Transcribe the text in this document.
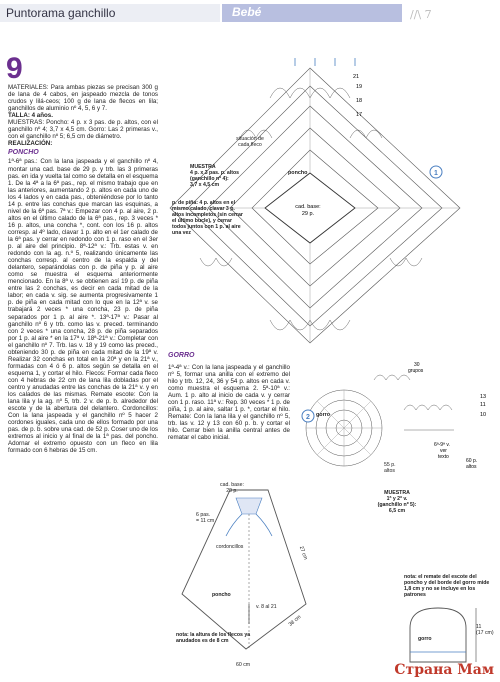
Puntorama ganchillo	Bebé	//\ 7
9

MATERIALES: Para ambas piezas se precisan 300 g de lana de 4 cabos, en jaspeado mezcla de tonos crudos y lilá-ceos; 100 g de lana de flecos en lila; ganchillos de aluminio nº 4, 5, 6 y 7.

TALLA: 4 años.

MUESTRAS: Poncho: 4 p. x 3 pas. de p. altos, con el ganchillo nº 4; 3,7 x 4,5 cm. Gorro: Las 2 primeras v., con el ganchillo nº 5; 6,5 cm de diámetro.

REALIZACIÓN:

PONCHO

1ª-6ª pas.: Con la lana jaspeada y el ganchillo nº 4, montar una cad. base de 29 p. y trb. las 3 primeras pas. en ida y vuelta tal como se detalla en el esquema 1. De la 4ª a la 6ª pas., rep. el mismo trabajo que en las anteriores, aumentando 2 p. altos en cada uno de los 4 lados y en cada pas., obteniéndose por lo tanto 14 p. entre las conchas que marcan las esquinas, a nivel de la 6ª pas. 7ª v.: Empezar con 4 p. al aire, 2 p. altos en el último calado de la 6ª pas., rep. 3 veces * 16 p. altos, una concha *, cont. con los 16 p. altos corresp. al 4º lado, clavar 1 p. alto en el 1er calado de la 6ª pas. y cerrar en redondo con 1 p. raso en el 3er p. al aire del principio. 8ª-12ª v.: Trb. estas v. en redondo con la ag. n.º 5, realizando únicamente las conchas corresp. al centro de la espalda y del delantero, separándolas con p. de piña y p. al aire como se muestra el esquema anteriormente mencionado. En la 8ª v. se obtienen así 19 p. de piña entre las 2 conchas, es decir en cada mitad de la labor; en cada v. sig. se aumenta progresivamente 1 p. de piña en cada mitad con lo que en la 12ª v. se trabajará 2 veces * una concha, 23 p. de piña separados por 1 p. al aire *. 13ª-17ª v.: Pasar al ganchillo nº 6 y trb. como las v. preced. terminando con 2 veces * una concha, 28 p. de piña separados por 1 p. al aire * en la 17ª v. 18ª-21ª v.: Completar con el ganchillo nº 7. Trb. las v. 18 y 19 como las preced., obteniendo 30 p. de piña en cada mitad de la 19ª v. Realizar 32 conchas en total en la 20ª y en la 21ª v., formadas con 4 ó 6 p. altos según se detalla en el esquema 1, y cortar el hilo. Flecos: Formar cada fleco con 4 hebras de 22 cm de lana lila dobladas por el centro y anudadas entre las conchas de la 21ª v. y en los calados de las mismas. Remate escote: Con la lana lila y la ag. nº 5, trb. 2 v. de p. b. alrededor del escote y de la abertura del delantero. Cordoncillos: Con la lana jaspeada y el ganchillo nº 5 hacer 2 cordones iguales, cada uno de ellos formado por una pas. de p. b. sobre una cad. de 52 p. Coser uno de los extremos al inicio y al final de la 1ª pas. del poncho. Adornar el extremo opuesto con un fleco en lila formado con 6 hebras de 15 cm.

cad. base:
29 p.
21
19
18
17
1
poncho
situación de
cada fleco
MUESTRA
4 p. x 3 pas. p. altos
(ganchillo nº 4):
3,7 x 4,5 cm
p. de piña: 4 p. altos en el mismo calado, clavar 3 p. altos incompletos (sin cerrar el último bucle), y cerrar todos juntos con 1 p. al aire una vez
GORRO
1ª-4ª v.: Con la lana jaspeada y el ganchillo nº 5, formar una anilla con el extremo del hilo y trb. 12, 24, 36 y 54 p. altos en cada v. como muestra el esquema 2. 5ª-10ª v.: Aum. 1 p. alto al inicio de cada v. y cerrar con 1 p. raso. 11ª v.: Rep. 30 veces * 1 p. de piña, 1 p. al aire, saltar 1 p. *, cortar el hilo. Remate: Con la lana lila y el ganchillo nº 5, trb. las v. 12 y 13 con 60 p. b. y cortar el hilo. Cerrar bien la anilla central antes de rematar el cabo inicial.
2
30
grupos
13
11
10
6ª-9ª v.
ver
texto
60 p.
altos
gorro
55 p.
altos
MUESTRA
1ª y 2ª v.
(ganchillo nº 5):
6,5 cm
cad. base:
29 p.
6 pas.
= 11 cm
cordoncillos
poncho
v. 8 al 21
27 cm
38 cm
60 cm
nota: la altura de los flecos ya anudados es de 8 cm
nota: el remate del escote del poncho y del borde del gorro mide 1,8 cm y no se incluye en los patrones
gorro
11
(17 cm)
Страна Мам
